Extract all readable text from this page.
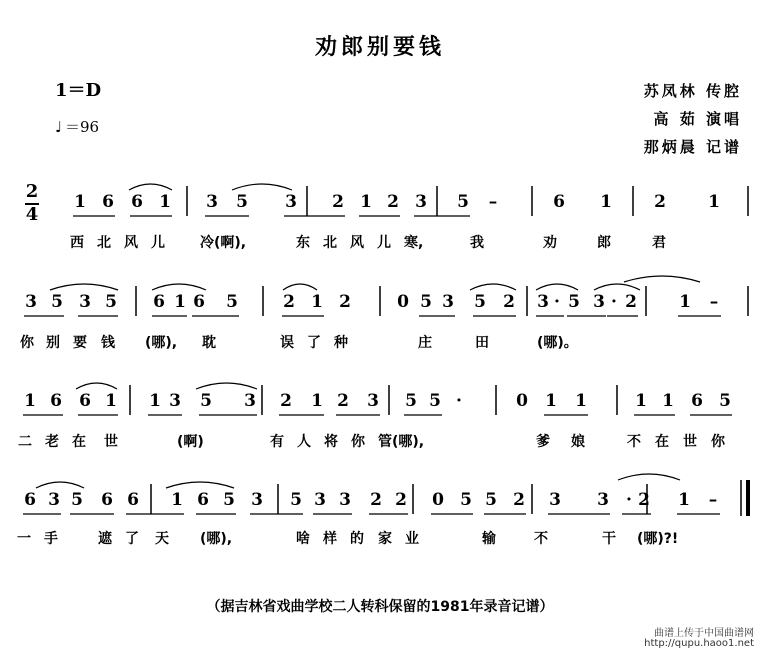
劝郎别要钱
1＝D
♩ ＝96
苏凤林 传腔
高 茹 演唱
那炳晨 记谱
2
4
1 6 6 1 3 5 3 2 1 2 3 5 –	6 1 2 1
西 北 风 儿	冷(啊),	东 北 风 儿 寒,	我	劝	郎	君
3 5 3 5 6 1 6 5	2 1 2	0 5 3 5 2 3 · 5 3 · 2 1 –
你 别 要 钱 (哪), 耽	误 了 种	庄	田	(哪)。
1 6 6 1 1 3 5 3 2 1 2 3 5 5 ·	0 1 1	1 1 6 5
二 老 在 世	(啊)	有 人 将 你 管(哪),	爹 娘	不 在 世 你
6 3 5 6 6 1 6 5 3 5 3 3 2 2 0 5 5 2 3 3 · 2 1 –
一 手	遮 了 天 (哪),	啥 样 的 家 业	输	不	干 (哪)?!
（据吉林省戏曲学校二人转科保留的1981年录音记谱）
曲谱上传于中国曲谱网
http://qupu.haoo1.net
